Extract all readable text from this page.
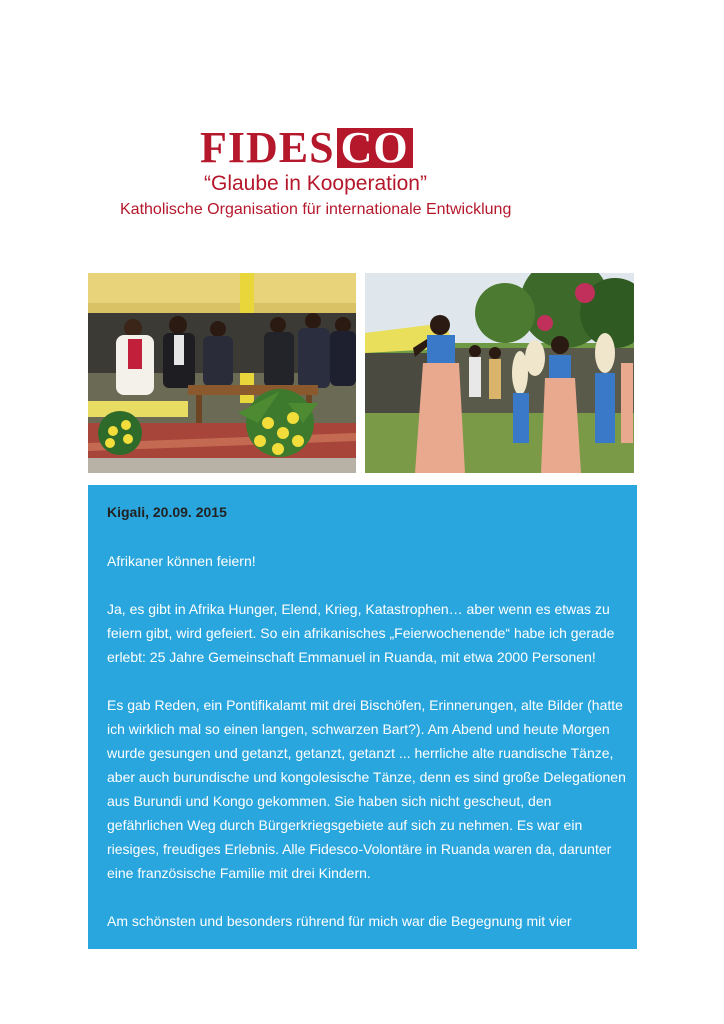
FIDES CO
“Glaube in Kooperation”
Katholische Organisation für internationale Entwicklung
Kigali, 20.09. 2015

Afrikaner können feiern!

Ja, es gibt in Afrika Hunger, Elend, Krieg, Katastrophen… aber wenn es etwas zu feiern gibt, wird gefeiert. So ein afrikanisches „Feierwochenende“ habe ich gerade erlebt: 25 Jahre Gemeinschaft Emmanuel in Ruanda, mit etwa 2000 Personen!

Es gab Reden, ein Pontifikalamt mit drei Bischöfen, Erinnerungen, alte Bilder (hatte ich wirklich mal so einen langen, schwarzen Bart?). Am Abend und heute Morgen wurde gesungen und getanzt, getanzt, getanzt ... herrliche alte ruandische Tänze, aber auch burundische und kongolesische Tänze, denn es sind große Delegationen aus Burundi und Kongo gekommen. Sie haben sich nicht gescheut, den gefährlichen Weg durch Bürgerkriegsgebiete auf sich zu nehmen. Es war ein riesiges, freudiges Erlebnis. Alle Fidesco-Volontäre in Ruanda waren da, darunter eine französische Familie mit drei Kindern.

Am schönsten und besonders rührend für mich war die Begegnung mit vier
